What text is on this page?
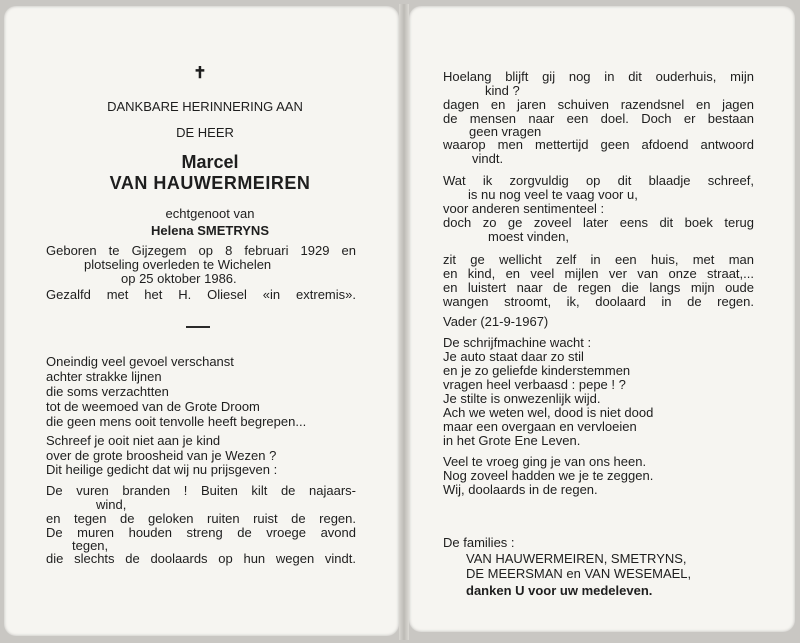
✝
DANKBARE HERINNERING AAN
DE HEER
Marcel
VAN HAUWERMEIREN
echtgenoot van
Helena SMETRYNS
Geboren te Gijzegem op 8 februari 1929 en
plotseling overleden te Wichelen
op 25 oktober 1986.
Gezalfd met het H. Oliesel «in extremis».
Oneindig veel gevoel verschanst
achter strakke lijnen
die soms verzachtten
tot de weemoed van de Grote Droom
die geen mens ooit tenvolle heeft begrepen...
Schreef je ooit niet aan je kind
over de grote broosheid van je Wezen ?
Dit heilige gedicht dat wij nu prijsgeven :
De vuren branden ! Buiten kilt de najaars-
wind,
en tegen de geloken ruiten ruist de regen.
De muren houden streng de vroege avond
tegen,
die slechts de doolaards op hun wegen vindt.
Hoelang blijft gij nog in dit ouderhuis, mijn
kind ?
dagen en jaren schuiven razendsnel en jagen
de mensen naar een doel. Doch er bestaan
geen vragen
waarop men mettertijd geen afdoend antwoord
vindt.
Wat ik zorgvuldig op dit blaadje schreef,
is nu nog veel te vaag voor u,
voor anderen sentimenteel :
doch zo ge zoveel later eens dit boek terug
moest vinden,
zit ge wellicht zelf in een huis, met man
en kind, en veel mijlen ver van onze straat,...
en luistert naar de regen die langs mijn oude
wangen stroomt, ik, doolaard in de regen.
Vader (21-9-1967)
De schrijfmachine wacht :
Je auto staat daar zo stil
en je zo geliefde kinderstemmen
vragen heel verbaasd : pepe ! ?
Je stilte is onwezenlijk wijd.
Ach we weten wel, dood is niet dood
maar een overgaan en vervloeien
in het Grote Ene Leven.
Veel te vroeg ging je van ons heen.
Nog zoveel hadden we je te zeggen.
Wij, doolaards in de regen.
De families :
VAN HAUWERMEIREN, SMETRYNS,
DE MEERSMAN en VAN WESEMAEL,
danken U voor uw medeleven.
